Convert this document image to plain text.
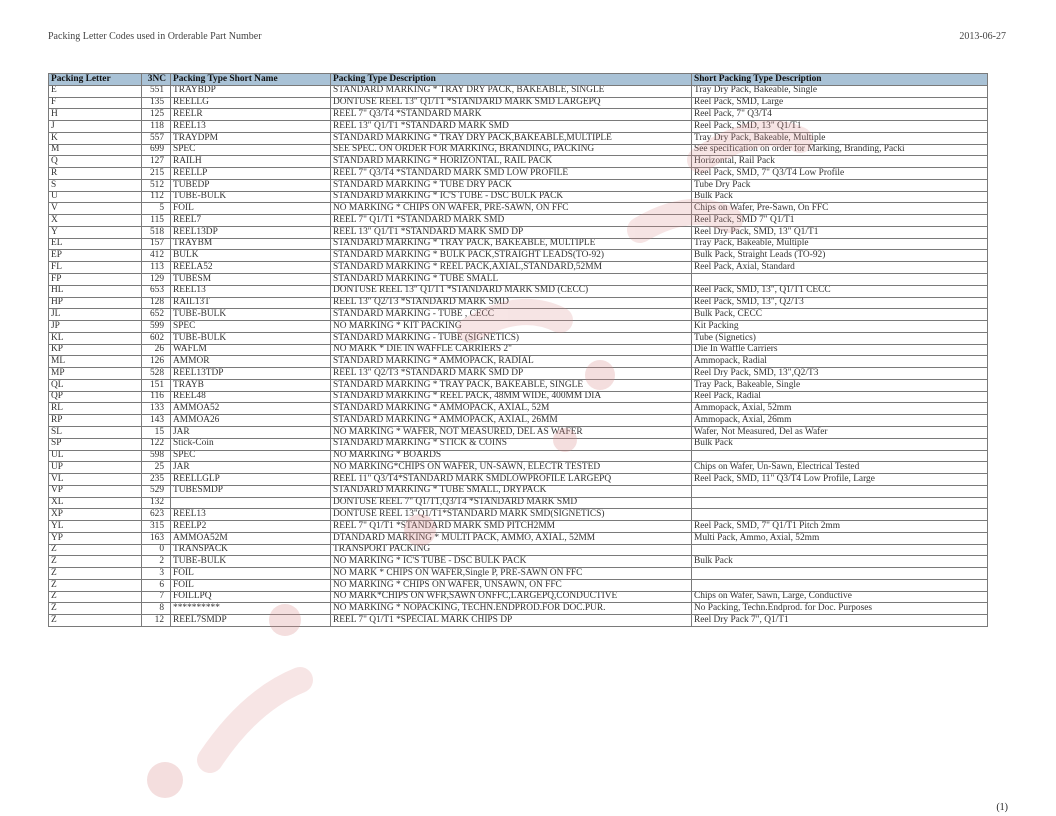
Packing Letter Codes used in Orderable Part Number	2013-06-27
Packing Letter	3NC	Packing Type Short Name	Packing Type Description	Short Packing Type Description
E	551	TRAYBDP	STANDARD MARKING * TRAY DRY PACK, BAKEABLE, SINGLE	Tray Dry Pack, Bakeable, Single
F	135	REELLG	DONTUSE REEL 13" Q1/T1 *STANDARD MARK SMD LARGEPQ	Reel Pack, SMD, Large
H	125	REELR	REEL 7" Q3/T4 *STANDARD MARK	Reel Pack, 7" Q3/T4
J	118	REEL13	REEL 13" Q1/T1 *STANDARD MARK SMD	Reel Pack, SMD, 13" Q1/T1
K	557	TRAYDPM	STANDARD MARKING * TRAY DRY PACK,BAKEABLE,MULTIPLE	Tray Dry Pack, Bakeable, Multiple
M	699	SPEC	SEE SPEC. ON ORDER FOR MARKING, BRANDING, PACKING	See specification on order for Marking, Branding, Packi
Q	127	RAILH	STANDARD MARKING * HORIZONTAL, RAIL PACK	Horizontal, Rail Pack
R	215	REELLP	REEL 7" Q3/T4 *STANDARD MARK SMD LOW PROFILE	Reel Pack, SMD, 7" Q3/T4 Low Profile
S	512	TUBEDP	STANDARD MARKING * TUBE DRY PACK	Tube Dry Pack
U	112	TUBE-BULK	STANDARD MARKING * IC'S TUBE - DSC BULK PACK	Bulk Pack
V	5	FOIL	NO MARKING * CHIPS ON WAFER, PRE-SAWN, ON FFC	Chips on Wafer, Pre-Sawn, On FFC
X	115	REEL7	REEL 7" Q1/T1 *STANDARD MARK SMD	Reel Pack, SMD 7" Q1/T1
Y	518	REEL13DP	REEL 13" Q1/T1 *STANDARD MARK SMD DP	Reel Dry Pack, SMD, 13" Q1/T1
EL	157	TRAYBM	STANDARD MARKING * TRAY PACK, BAKEABLE, MULTIPLE	Tray Pack, Bakeable, Multiple
EP	412	BULK	STANDARD MARKING * BULK PACK,STRAIGHT LEADS(TO-92)	Bulk Pack, Straight Leads (TO-92)
FL	113	REELA52	STANDARD MARKING * REEL PACK,AXIAL,STANDARD,52MM	Reel Pack, Axial, Standard
FP	129	TUBESM	STANDARD MARKING * TUBE SMALL	
HL	653	REEL13	DONTUSE REEL 13" Q1/T1 *STANDARD MARK SMD (CECC)	Reel Pack, SMD, 13", Q1/T1 CECC
HP	128	RAIL13T	REEL 13" Q2/T3 *STANDARD MARK SMD	Reel Pack, SMD, 13", Q2/T3
JL	652	TUBE-BULK	STANDARD MARKING - TUBE , CECC	Bulk Pack, CECC
JP	599	SPEC	NO MARKING * KIT PACKING	Kit Packing
KL	602	TUBE-BULK	STANDARD MARKING - TUBE (SIGNETICS)	Tube (Signetics)
KP	26	WAFLM	NO MARK * DIE IN WAFFLE CARRIERS 2"	Die In Waffle Carriers
ML	126	AMMOR	STANDARD MARKING * AMMOPACK, RADIAL	Ammopack, Radial
MP	528	REEL13TDP	REEL 13" Q2/T3 *STANDARD MARK SMD DP	Reel Dry Pack, SMD, 13",Q2/T3
QL	151	TRAYB	STANDARD MARKING * TRAY PACK, BAKEABLE, SINGLE	Tray Pack, Bakeable, Single
QP	116	REEL48	STANDARD MARKING * REEL PACK, 48MM WIDE, 400MM DIA	Reel Pack, Radial
RL	133	AMMOA52	STANDARD MARKING * AMMOPACK, AXIAL, 52M	Ammopack, Axial, 52mm
RP	143	AMMOA26	STANDARD MARKING * AMMOPACK, AXIAL, 26MM	Ammopack, Axial, 26mm
SL	15	JAR	NO MARKING * WAFER, NOT MEASURED, DEL AS WAFER	Wafer, Not Measured, Del as Wafer
SP	122	Stick-Coin	STANDARD MARKING * STICK & COINS	Bulk Pack
UL	598	SPEC	NO MARKING * BOARDS	
UP	25	JAR	NO MARKING*CHIPS ON WAFER, UN-SAWN, ELECTR TESTED	Chips on Wafer, Un-Sawn, Electrical Tested
VL	235	REELLGLP	REEL 11" Q3/T4*STANDARD MARK SMDLOWPROFILE LARGEPQ	Reel Pack, SMD, 11" Q3/T4 Low Profile, Large
VP	529	TUBESMDP	STANDARD MARKING * TUBE SMALL, DRYPACK	
XL	132		DONTUSE REEL 7" Q1/T1,Q3/T4 *STANDARD MARK SMD	
XP	623	REEL13	DONTUSE REEL 13"Q1/T1*STANDARD MARK SMD(SIGNETICS)	
YL	315	REELP2	REEL 7" Q1/T1 *STANDARD MARK SMD PITCH2MM	Reel Pack, SMD, 7" Q1/T1 Pitch 2mm
YP	163	AMMOA52M	DTANDARD MARKING * MULTI PACK, AMMO, AXIAL, 52MM	Multi Pack, Ammo, Axial, 52mm
Z	0	TRANSPACK	TRANSPORT PACKING	
Z	2	TUBE-BULK	NO MARKING * IC'S TUBE - DSC BULK PACK	Bulk Pack
Z	3	FOIL	NO MARK * CHIPS ON WAFER,Single P, PRE-SAWN ON FFC	
Z	6	FOIL	NO MARKING * CHIPS ON WAFER, UNSAWN, ON FFC	
Z	7	FOILLPQ	NO MARK*CHIPS ON WFR,SAWN ONFFC,LARGEPQ,CONDUCTIVE	Chips on Wafer, Sawn, Large, Conductive
Z	8	**********	NO MARKING * NOPACKING, TECHN.ENDPROD.FOR DOC.PUR.	No Packing, Techn.Endprod. for Doc. Purposes
Z	12	REEL7SMDP	REEL 7" Q1/T1 *SPECIAL MARK CHIPS DP	Reel Dry Pack 7", Q1/T1
(1)
